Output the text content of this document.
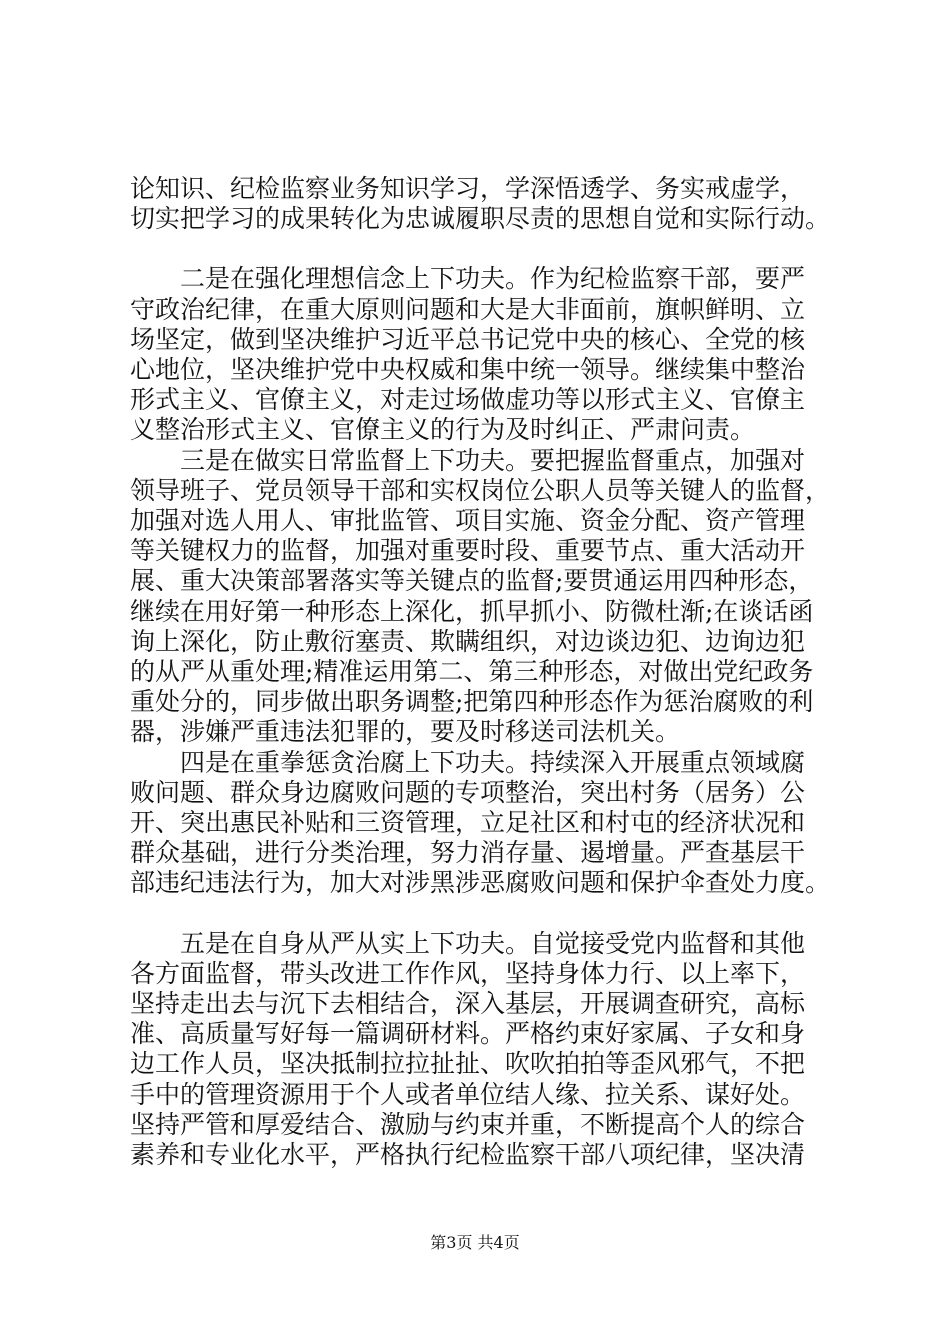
论知识、纪检监察业务知识学习，学深悟透学、务实戒虚学，
切实把学习的成果转化为忠诚履职尽责的思想自觉和实际行动。
　　二是在强化理想信念上下功夫。作为纪检监察干部，要严
守政治纪律，在重大原则问题和大是大非面前，旗帜鲜明、立
场坚定，做到坚决维护习近平总书记党中央的核心、全党的核
心地位，坚决维护党中央权威和集中统一领导。继续集中整治
形式主义、官僚主义，对走过场做虚功等以形式主义、官僚主
义整治形式主义、官僚主义的行为及时纠正、严肃问责。
　　三是在做实日常监督上下功夫。要把握监督重点，加强对
领导班子、党员领导干部和实权岗位公职人员等关键人的监督，
加强对选人用人、审批监管、项目实施、资金分配、资产管理
等关键权力的监督，加强对重要时段、重要节点、重大活动开
展、重大决策部署落实等关键点的监督;要贯通运用四种形态，
继续在用好第一种形态上深化，抓早抓小、防微杜渐;在谈话函
询上深化，防止敷衍塞责、欺瞒组织，对边谈边犯、边询边犯
的从严从重处理;精准运用第二、第三种形态，对做出党纪政务
重处分的，同步做出职务调整;把第四种形态作为惩治腐败的利
器，涉嫌严重违法犯罪的，要及时移送司法机关。
　　四是在重拳惩贪治腐上下功夫。持续深入开展重点领域腐
败问题、群众身边腐败问题的专项整治，突出村务（居务）公
开、突出惠民补贴和三资管理，立足社区和村屯的经济状况和
群众基础，进行分类治理，努力消存量、遏增量。严查基层干
部违纪违法行为，加大对涉黑涉恶腐败问题和保护伞查处力度。
　　五是在自身从严从实上下功夫。自觉接受党内监督和其他
各方面监督，带头改进工作作风，坚持身体力行、以上率下，
坚持走出去与沉下去相结合，深入基层，开展调查研究，高标
准、高质量写好每一篇调研材料。严格约束好家属、子女和身
边工作人员，坚决抵制拉拉扯扯、吹吹拍拍等歪风邪气，不把
手中的管理资源用于个人或者单位结人缘、拉关系、谋好处。
坚持严管和厚爱结合、激励与约束并重，不断提高个人的综合
素养和专业化水平，严格执行纪检监察干部八项纪律，坚决清
第3页 共4页
